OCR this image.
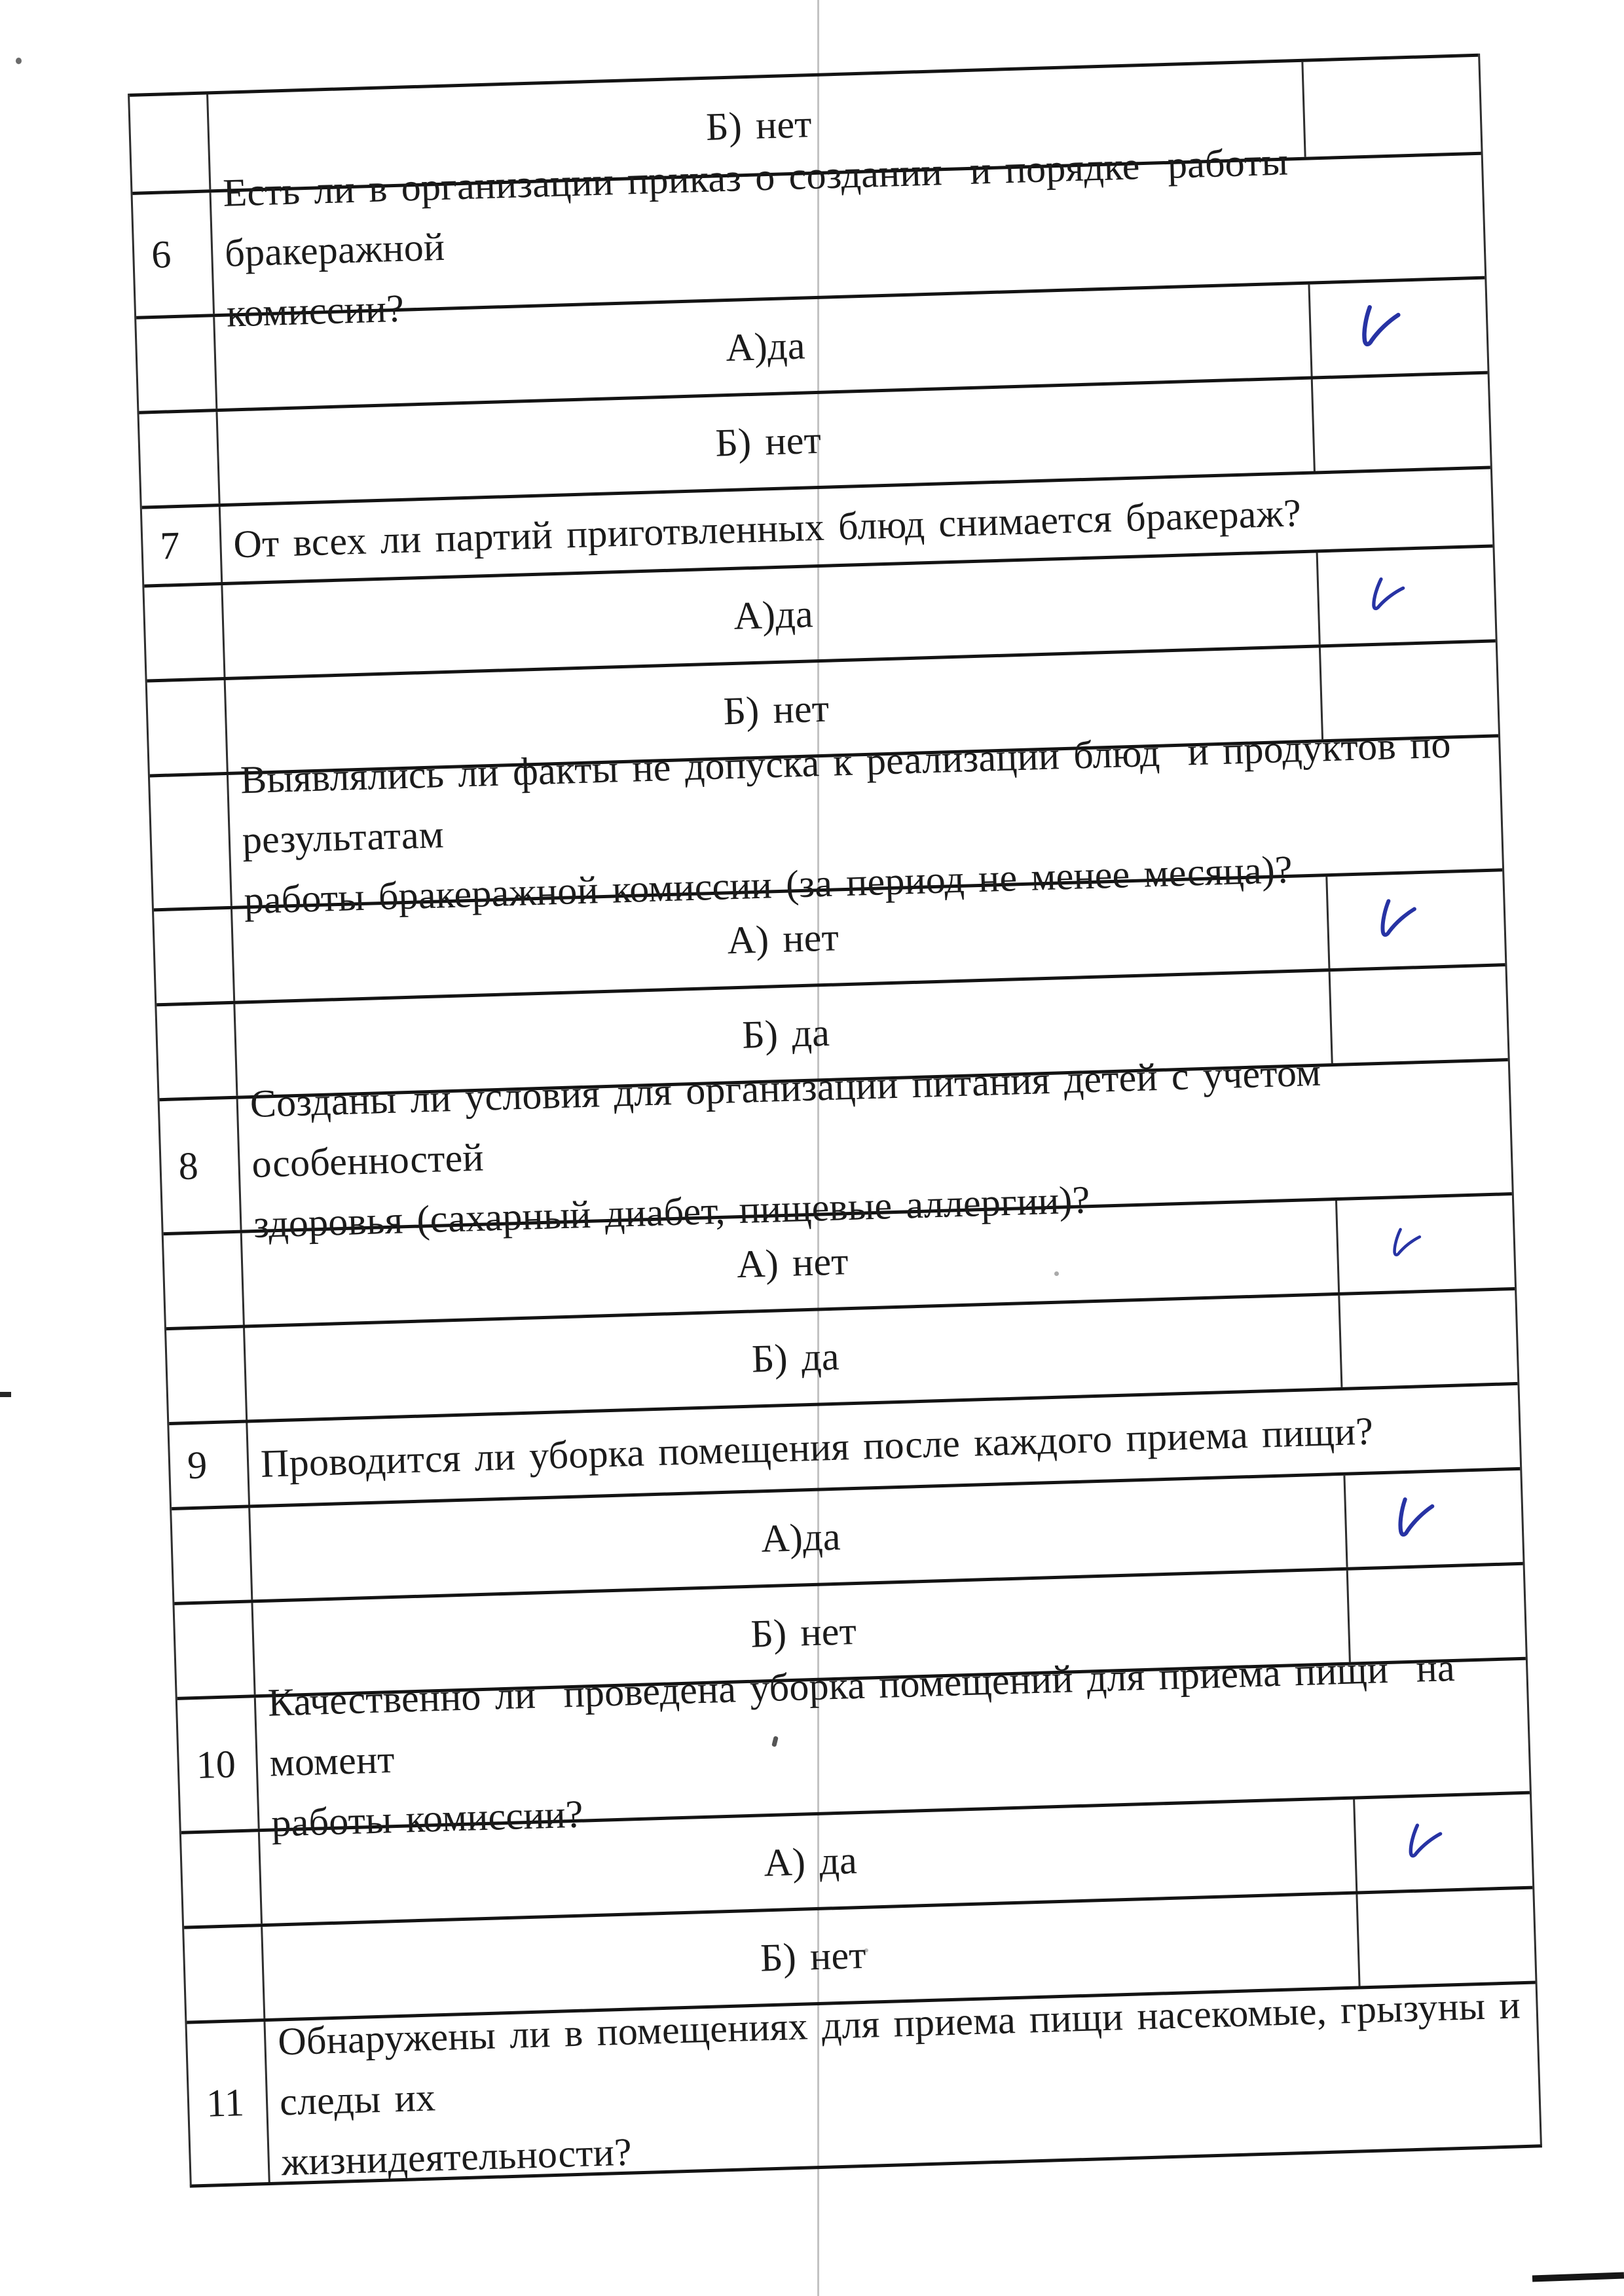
Б) нет
6
Есть ли в организации приказ о создании  и порядке  работы бракеражной
комиссии?
А)да
Б) нет
7	От всех ли партий приготвленных блюд снимается бракераж?
А)да
Б) нет
Выявлялись ли факты не допуска к реализации блюд  и продуктов по результатам
работы бракеражной комиссии (за период не менее месяца)?
А) нет
Б) да
8
Созданы ли условия для организации питания детей с учетом особенностей
здоровья (сахарный диабет, пищевые аллергии)?
А) нет
Б) да
9	Проводится ли уборка помещения после каждого приема пищи?
А)да
Б) нет
10
Качественно ли  проведена уборка помещений для приема пищи  на  момент
работы комиссии?
А) да
Б) нет
11
Обнаружены ли в помещениях для приема пищи насекомые, грызуны и следы их
жизнидеятельности?
